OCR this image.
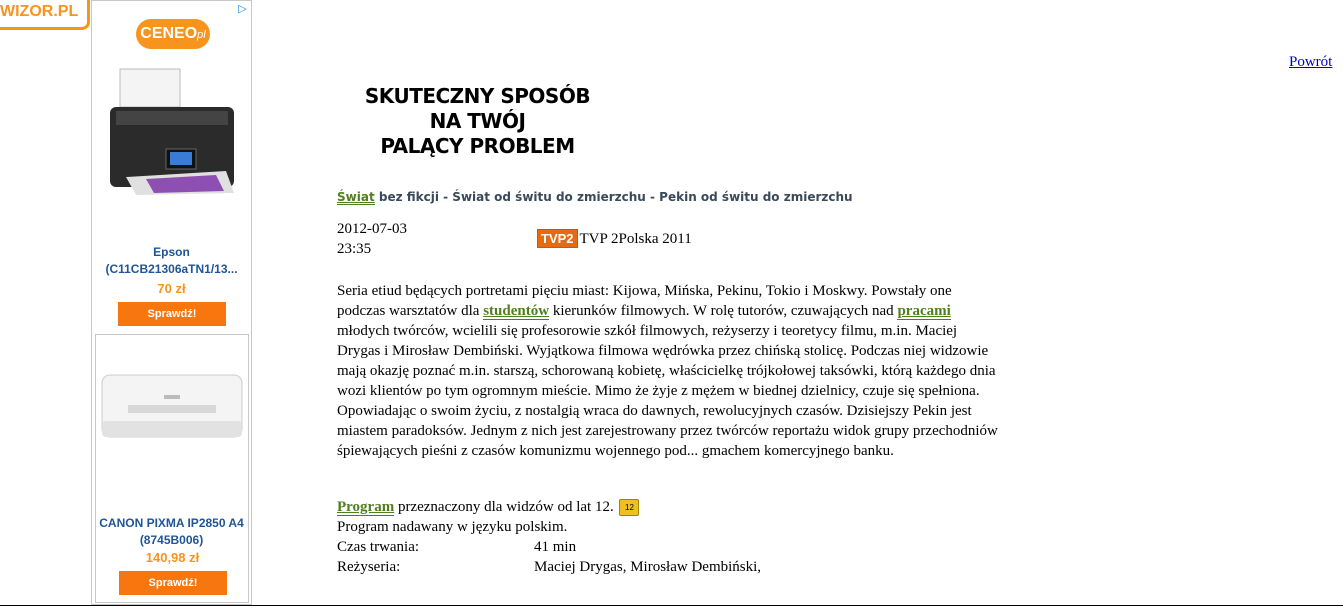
WIZOR.PL	▷
CENEOpl
Epson (C11CB21306aTN1/13...
70 zł
Sprawdź!
CANON PIXMA IP2850 A4 (8745B006)
140,98 zł
Sprawdź!
Powrót
SKUTECZNY SPOSÓB
NA TWÓJ
PALĄCY PROBLEM
Świat bez fikcji - Świat od świtu do zmierzchu - Pekin od świtu do zmierzchu
2012-07-03
23:35
TVP2 TVP 2Polska 2011
Seria etiud będących portretami pięciu miast: Kijowa, Mińska, Pekinu, Tokio i Moskwy. Powstały one podczas warsztatów dla studentów kierunków filmowych. W rolę tutorów, czuwających nad pracami młodych twórców, wcielili się profesorowie szkół filmowych, reżyserzy i teoretycy filmu, m.in. Maciej Drygas i Mirosław Dembiński. Wyjątkowa filmowa wędrówka przez chińską stolicę. Podczas niej widzowie mają okazję poznać m.in. starszą, schorowaną kobietę, właścicielkę trójkołowej taksówki, którą każdego dnia wozi klientów po tym ogromnym mieście. Mimo że żyje z mężem w biednej dzielnicy, czuje się spełniona. Opowiadając o swoim życiu, z nostalgią wraca do dawnych, rewolucyjnych czasów. Dzisiejszy Pekin jest miastem paradoksów. Jednym z nich jest zarejestrowany przez twórców reportażu widok grupy przechodniów śpiewających pieśni z czasów komunizmu wojennego pod... gmachem komercyjnego banku.
Program przeznaczony dla widzów od lat 12. 12
Program nadawany w języku polskim.
Czas trwania:	41 min
Reżyseria:	Maciej Drygas, Mirosław Dembiński,
